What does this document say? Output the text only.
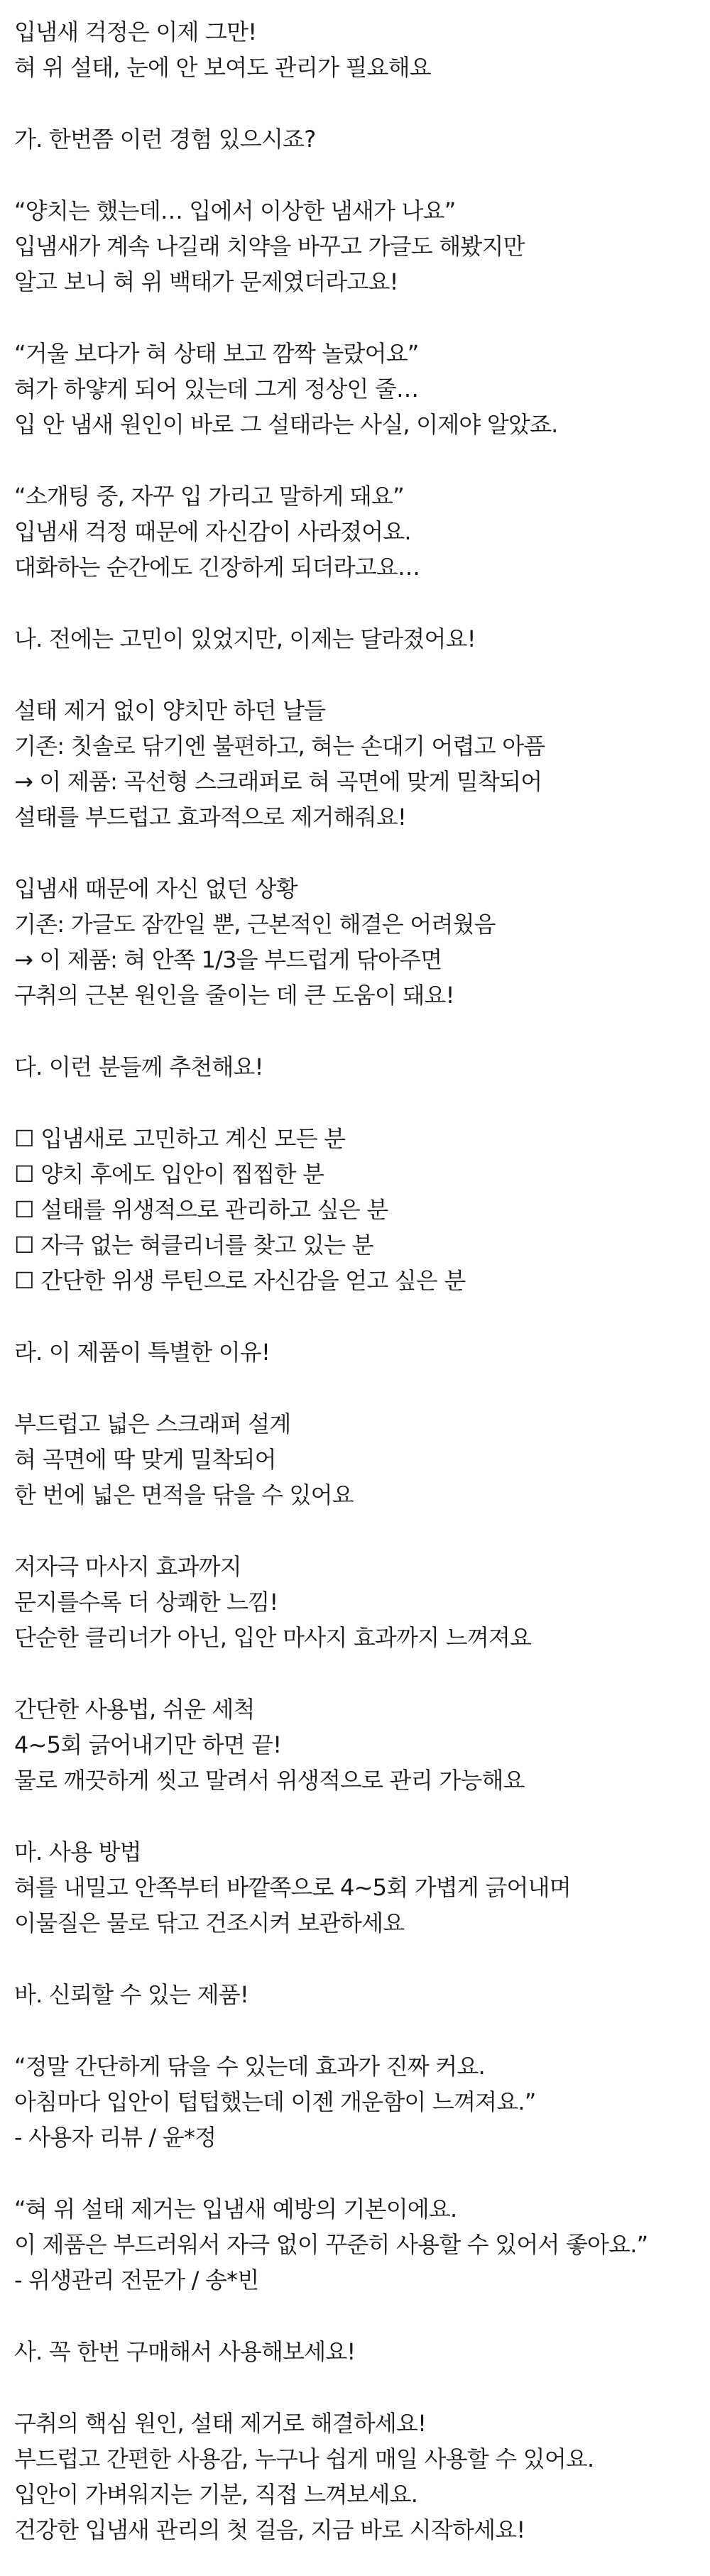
입냄새 걱정은 이제 그만!
혀 위 설태, 눈에 안 보여도 관리가 필요해요
가. 한번쯤 이런 경험 있으시죠?
“양치는 했는데… 입에서 이상한 냄새가 나요”
입냄새가 계속 나길래 치약을 바꾸고 가글도 해봤지만
알고 보니 혀 위 백태가 문제였더라고요!
“거울 보다가 혀 상태 보고 깜짝 놀랐어요”
혀가 하얗게 되어 있는데 그게 정상인 줄…
입 안 냄새 원인이 바로 그 설태라는 사실, 이제야 알았죠.
“소개팅 중, 자꾸 입 가리고 말하게 돼요”
입냄새 걱정 때문에 자신감이 사라졌어요.
대화하는 순간에도 긴장하게 되더라고요…
나. 전에는 고민이 있었지만, 이제는 달라졌어요!
설태 제거 없이 양치만 하던 날들
기존: 칫솔로 닦기엔 불편하고, 혀는 손대기 어렵고 아픔
→ 이 제품: 곡선형 스크래퍼로 혀 곡면에 맞게 밀착되어
설태를 부드럽고 효과적으로 제거해줘요!
입냄새 때문에 자신 없던 상황
기존: 가글도 잠깐일 뿐, 근본적인 해결은 어려웠음
→ 이 제품: 혀 안쪽 1/3을 부드럽게 닦아주면
구취의 근본 원인을 줄이는 데 큰 도움이 돼요!
다. 이런 분들께 추천해요!
☐ 입냄새로 고민하고 계신 모든 분
☐ 양치 후에도 입안이 찝찝한 분
☐ 설태를 위생적으로 관리하고 싶은 분
☐ 자극 없는 혀클리너를 찾고 있는 분
☐ 간단한 위생 루틴으로 자신감을 얻고 싶은 분
라. 이 제품이 특별한 이유!
부드럽고 넓은 스크래퍼 설계
혀 곡면에 딱 맞게 밀착되어
한 번에 넓은 면적을 닦을 수 있어요
저자극 마사지 효과까지
문지를수록 더 상쾌한 느낌!
단순한 클리너가 아닌, 입안 마사지 효과까지 느껴져요
간단한 사용법, 쉬운 세척
4~5회 긁어내기만 하면 끝!
물로 깨끗하게 씻고 말려서 위생적으로 관리 가능해요
마. 사용 방법
혀를 내밀고 안쪽부터 바깥쪽으로 4~5회 가볍게 긁어내며
이물질은 물로 닦고 건조시켜 보관하세요
바. 신뢰할 수 있는 제품!
“정말 간단하게 닦을 수 있는데 효과가 진짜 커요.
아침마다 입안이 텁텁했는데 이젠 개운함이 느껴져요.”
- 사용자 리뷰 / 윤*정
“혀 위 설태 제거는 입냄새 예방의 기본이에요.
이 제품은 부드러워서 자극 없이 꾸준히 사용할 수 있어서 좋아요.”
- 위생관리 전문가 / 송*빈
사. 꼭 한번 구매해서 사용해보세요!
구취의 핵심 원인, 설태 제거로 해결하세요!
부드럽고 간편한 사용감, 누구나 쉽게 매일 사용할 수 있어요.
입안이 가벼워지는 기분, 직접 느껴보세요.
건강한 입냄새 관리의 첫 걸음, 지금 바로 시작하세요!
